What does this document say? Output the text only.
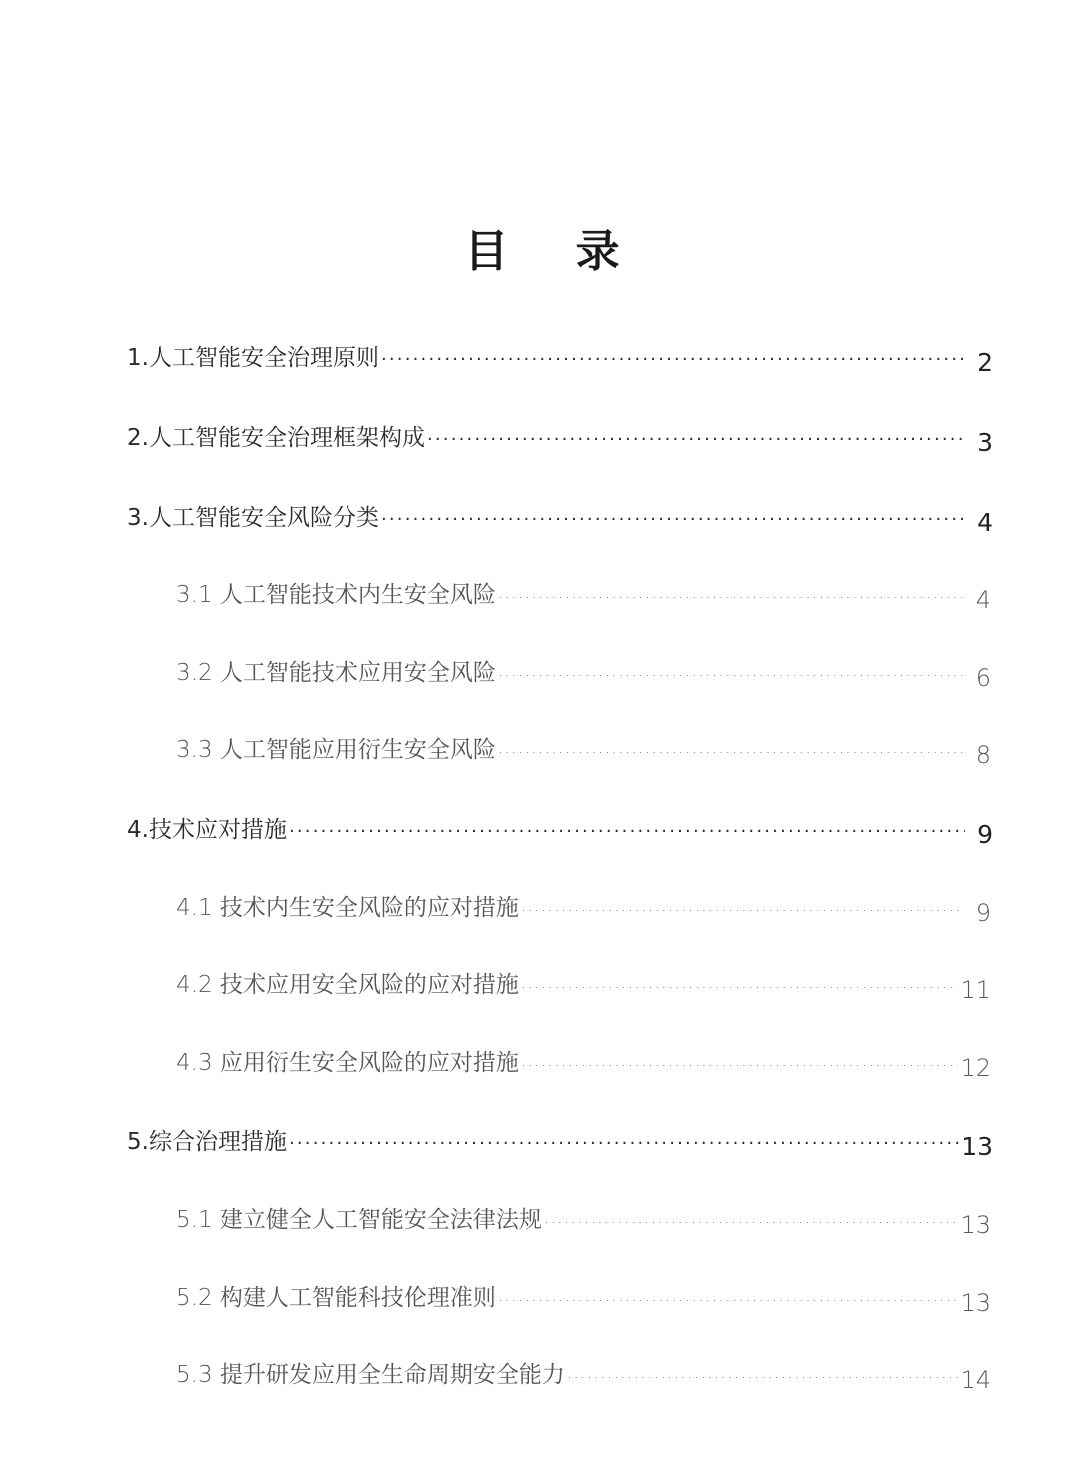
目 录
1.人工智能安全治理原则 .....	2
2.人工智能安全治理框架构成 .....	3
3.人工智能安全风险分类 .....	4
3.1 人工智能技术内生安全风险 .....	4
3.2 人工智能技术应用安全风险 .....	6
3.3 人工智能应用衍生安全风险 .....	8
4.技术应对措施 .....	9
4.1 技术内生安全风险的应对措施 .....	9
4.2 技术应用安全风险的应对措施 .....	11
4.3 应用衍生安全风险的应对措施 .....	12
5.综合治理措施 .....	13
5.1 建立健全人工智能安全法律法规 .....	13
5.2 构建人工智能科技伦理准则 .....	13
5.3 提升研发应用全生命周期安全能力 .....	14
